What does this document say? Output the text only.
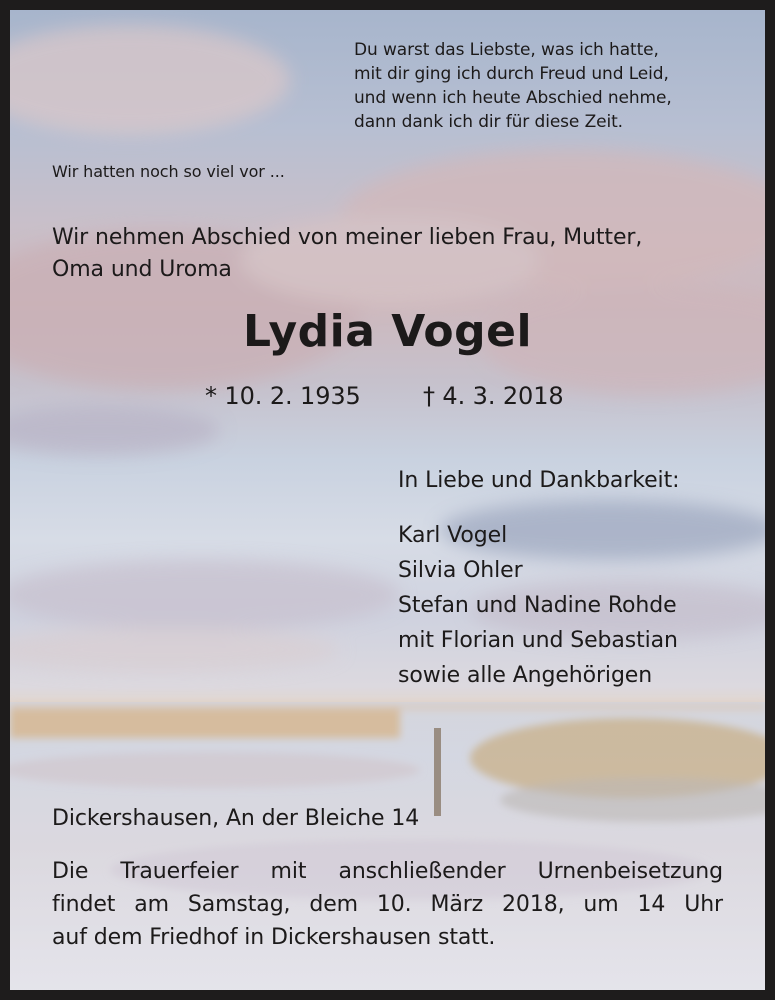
Du warst das Liebste, was ich hatte,
mit dir ging ich durch Freud und Leid,
und wenn ich heute Abschied nehme,
dann dank ich dir für diese Zeit.
Wir hatten noch so viel vor ...
Wir nehmen Abschied von meiner lieben Frau, Mutter,
Oma und Uroma
Lydia Vogel
* 10. 2. 1935	† 4. 3. 2018
In Liebe und Dankbarkeit:
Karl Vogel
Silvia Ohler
Stefan und Nadine Rohde
mit Florian und Sebastian
sowie alle Angehörigen
Dickershausen, An der Bleiche 14
Die Trauerfeier mit anschließender Urnenbeisetzung
findet am Samstag, dem 10. März 2018, um 14 Uhr
auf dem Friedhof in Dickershausen statt.
